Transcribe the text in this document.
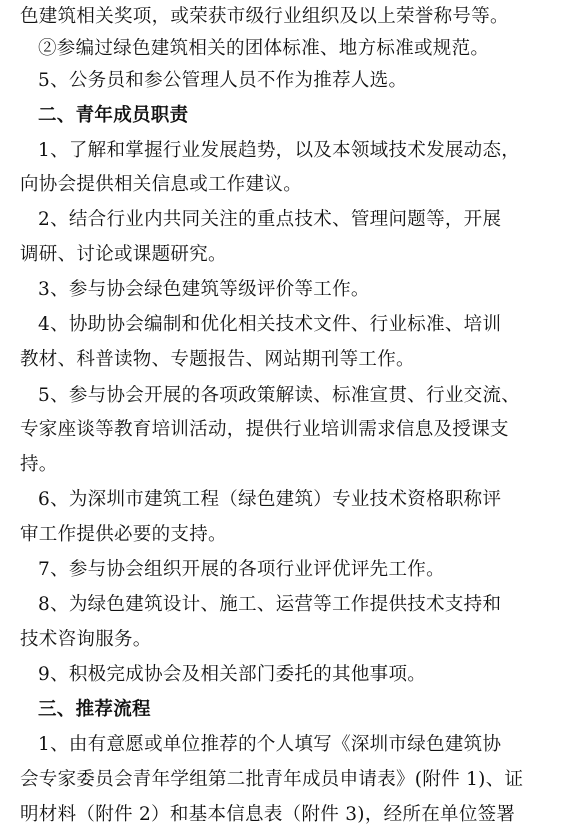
色建筑相关奖项，或荣获市级行业组织及以上荣誉称号等。
②参编过绿色建筑相关的团体标准、地方标准或规范。
5、公务员和参公管理人员不作为推荐人选。
二、青年成员职责
1、了解和掌握行业发展趋势，以及本领域技术发展动态，
向协会提供相关信息或工作建议。
2、结合行业内共同关注的重点技术、管理问题等，开展
调研、讨论或课题研究。
3、参与协会绿色建筑等级评价等工作。
4、协助协会编制和优化相关技术文件、行业标准、培训
教材、科普读物、专题报告、网站期刊等工作。
5、参与协会开展的各项政策解读、标准宣贯、行业交流、
专家座谈等教育培训活动，提供行业培训需求信息及授课支
持。
6、为深圳市建筑工程（绿色建筑）专业技术资格职称评
审工作提供必要的支持。
7、参与协会组织开展的各项行业评优评先工作。
8、为绿色建筑设计、施工、运营等工作提供技术支持和
技术咨询服务。
9、积极完成协会及相关部门委托的其他事项。
三、推荐流程
1、由有意愿或单位推荐的个人填写《深圳市绿色建筑协
会专家委员会青年学组第二批青年成员申请表》(附件 1)、证
明材料（附件 2）和基本信息表（附件 3)，经所在单位签署
